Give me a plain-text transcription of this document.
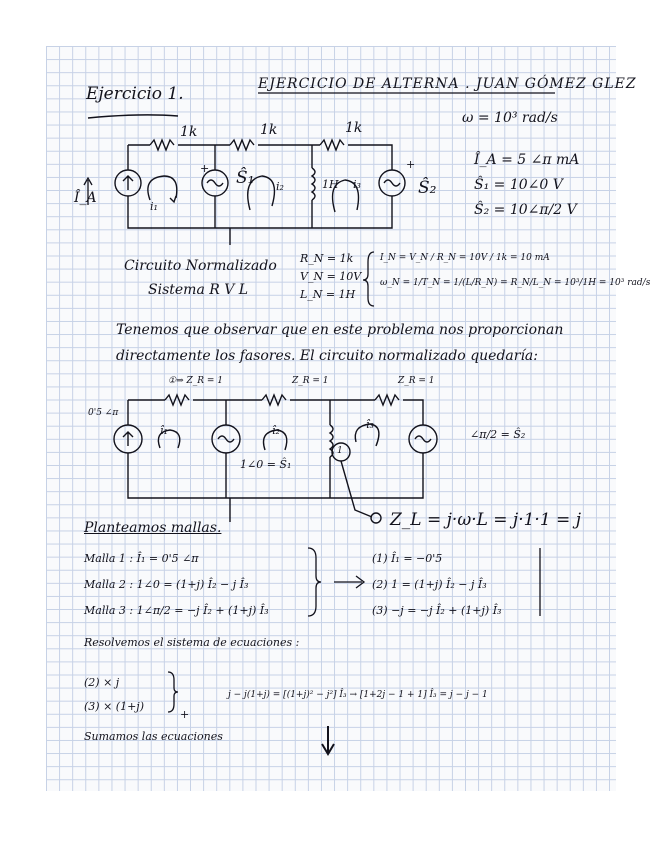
Ejercicio 1.	EJERCICIO DE ALTERNA . JUAN GÓMEZ GLEZ
ω = 10³ rad/s
1k	1k	1k
Î_A
i₁
i₂	i₃
Ŝ₁	Ŝ₂
1H
+	+	Î_A = 5 ∠π mA
Ŝ₁ = 10∠0 V
Ŝ₂ = 10∠π/2 V
Circuito Normalizado
Sistema R V L
R_N = 1k
V_N = 10V
L_N = 1H
I_N = V_N / R_N = 10V / 1k = 10 mA
ω_N = 1/T_N = 1/(L/R_N) = R_N/L_N = 10³/1H = 10³ rad/s
Tenemos que observar que en este problema nos proporcionan
directamente los fasores. El circuito normalizado quedaría:
0'5 ∠π
①⇒ Z_R = 1	Z_R = 1	Z_R = 1
î₁	î₂	î₃
1∠0 = Ŝ₁
∠π/2 = Ŝ₂
1
Z_L = j·ω·L = j·1·1 = j
Planteamos mallas.
Malla 1 : Î₁ = 0'5 ∠π
Malla 2 : 1∠0 = (1+j) Î₂ − j Î₃
Malla 3 : 1∠π/2 = −j Î₂ + (1+j) Î₃
(1) Î₁ = −0'5
(2) 1 = (1+j) Î₂ − j Î₃
(3) −j = −j Î₂ + (1+j) Î₃
Resolvemos el sistema de ecuaciones :
(2) × j
(3) × (1+j)
+
j − j(1+j) = [(1+j)² − j²] Î₃ → [1+2j − 1 + 1] Î₃ = j − j − 1
Sumamos las ecuaciones
